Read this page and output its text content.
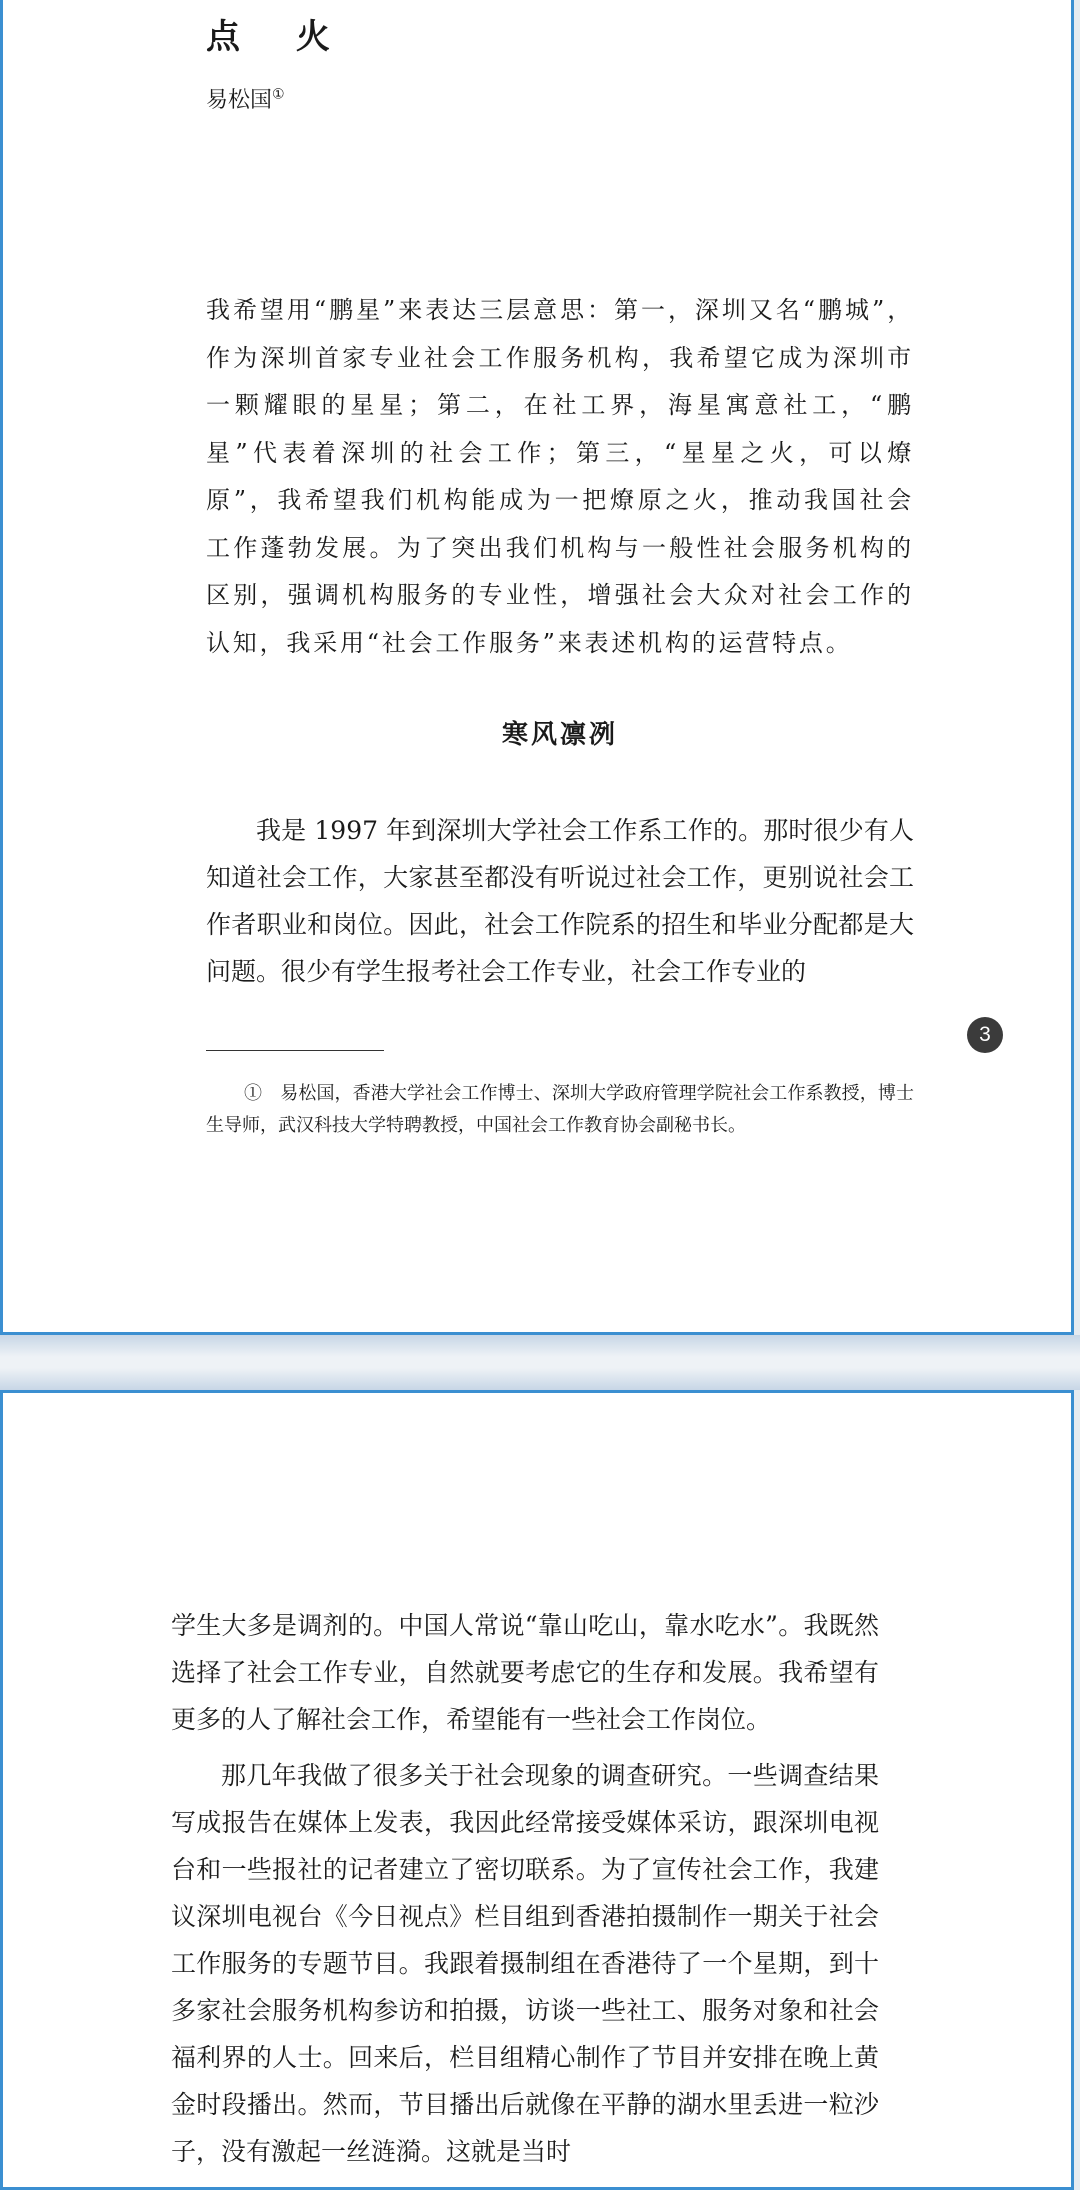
点 火
易松国①

我希望用“鹏星”来表达三层意思：第一，深圳又名“鹏城”，作为深圳首家专业社会工作服务机构，我希望它成为深圳市一颗耀眼的星星；第二，在社工界，海星寓意社工，“鹏星”代表着深圳的社会工作；第三，“星星之火，可以燎原”，我希望我们机构能成为一把燎原之火，推动我国社会工作蓬勃发展。为了突出我们机构与一般性社会服务机构的区别，强调机构服务的专业性，增强社会大众对社会工作的认知，我采用“社会工作服务”来表述机构的运营特点。

寒风凛冽

我是 1997 年到深圳大学社会工作系工作的。那时很少有人知道社会工作，大家甚至都没有听说过社会工作，更别说社会工作者职业和岗位。因此，社会工作院系的招生和毕业分配都是大问题。很少有学生报考社会工作专业，社会工作专业的

3

①　易松国，香港大学社会工作博士、深圳大学政府管理学院社会工作系教授，博士生导师，武汉科技大学特聘教授，中国社会工作教育协会副秘书长。

学生大多是调剂的。中国人常说“靠山吃山，靠水吃水”。我既然选择了社会工作专业，自然就要考虑它的生存和发展。我希望有更多的人了解社会工作，希望能有一些社会工作岗位。

那几年我做了很多关于社会现象的调查研究。一些调查结果写成报告在媒体上发表，我因此经常接受媒体采访，跟深圳电视台和一些报社的记者建立了密切联系。为了宣传社会工作，我建议深圳电视台《今日视点》栏目组到香港拍摄制作一期关于社会工作服务的专题节目。我跟着摄制组在香港待了一个星期，到十多家社会服务机构参访和拍摄，访谈一些社工、服务对象和社会福利界的人士。回来后，栏目组精心制作了节目并安排在晚上黄金时段播出。然而，节目播出后就像在平静的湖水里丢进一粒沙子，没有激起一丝涟漪。这就是当时
